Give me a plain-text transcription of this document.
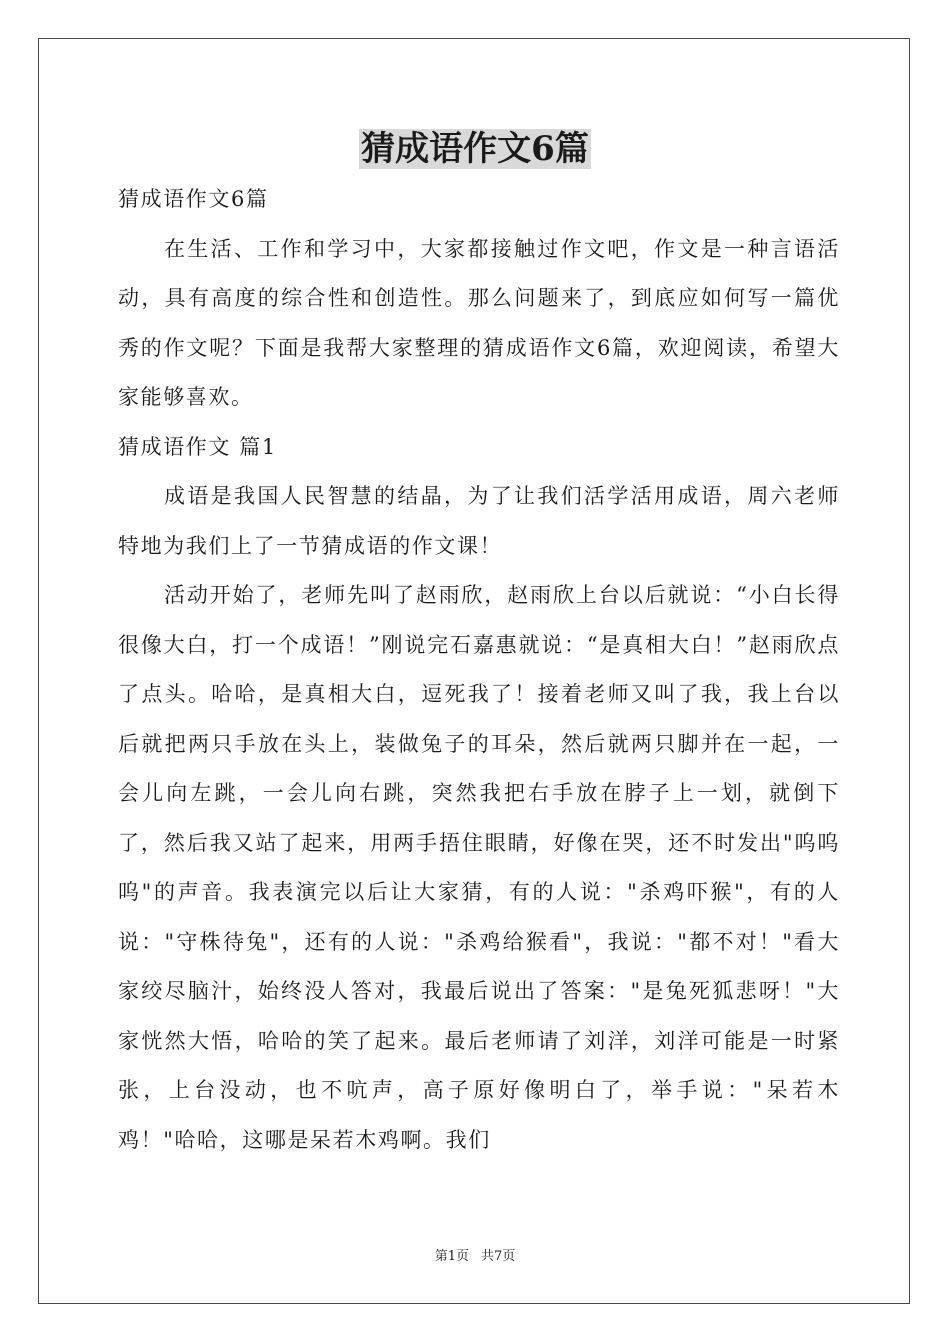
猜成语作文6篇

猜成语作文6篇

在生活、工作和学习中，大家都接触过作文吧，作文是一种言语活动，具有高度的综合性和创造性。那么问题来了，到底应如何写一篇优秀的作文呢？下面是我帮大家整理的猜成语作文6篇，欢迎阅读，希望大家能够喜欢。

猜成语作文 篇1

成语是我国人民智慧的结晶，为了让我们活学活用成语，周六老师特地为我们上了一节猜成语的作文课！

活动开始了，老师先叫了赵雨欣，赵雨欣上台以后就说：“小白长得很像大白，打一个成语！”刚说完石嘉惠就说：“是真相大白！”赵雨欣点了点头。哈哈，是真相大白，逗死我了！接着老师又叫了我，我上台以后就把两只手放在头上，装做兔子的耳朵，然后就两只脚并在一起，一会儿向左跳，一会儿向右跳，突然我把右手放在脖子上一划，就倒下了，然后我又站了起来，用两手捂住眼睛，好像在哭，还不时发出"呜呜呜"的声音。我表演完以后让大家猜，有的人说："杀鸡吓猴"，有的人说："守株待兔"，还有的人说："杀鸡给猴看"，我说："都不对！"看大家绞尽脑汁，始终没人答对，我最后说出了答案："是兔死狐悲呀！"大家恍然大悟，哈哈的笑了起来。最后老师请了刘洋，刘洋可能是一时紧张，上台没动，也不吭声，高子原好像明白了，举手说："呆若木鸡！"哈哈，这哪是呆若木鸡啊。我们

第1页 共7页
